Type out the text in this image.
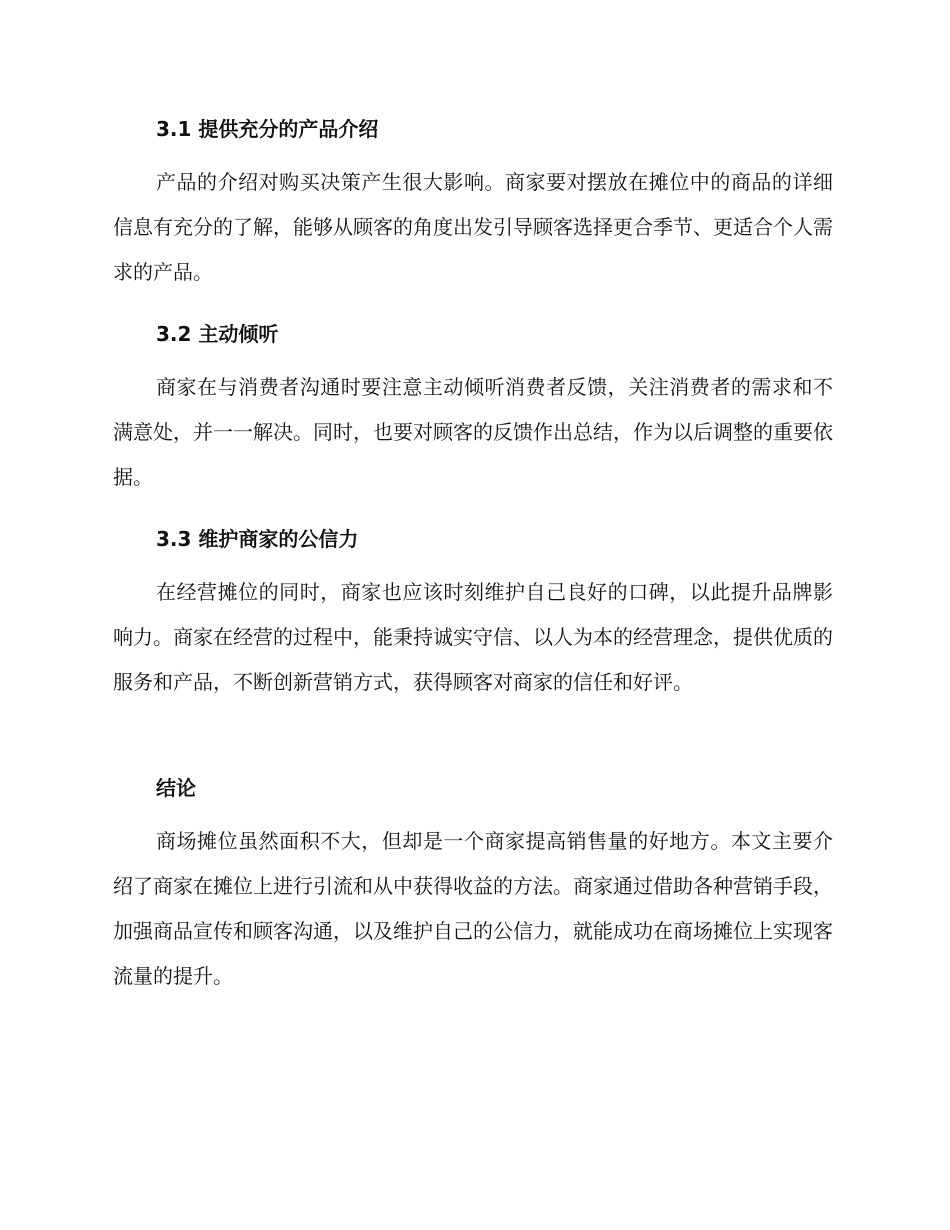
3.1 提供充分的产品介绍

产品的介绍对购买决策产生很大影响。商家要对摆放在摊位中的商品的详细信息有充分的了解，能够从顾客的角度出发引导顾客选择更合季节、更适合个人需求的产品。

3.2 主动倾听

商家在与消费者沟通时要注意主动倾听消费者反馈，关注消费者的需求和不满意处，并一一解决。同时，也要对顾客的反馈作出总结，作为以后调整的重要依据。

3.3 维护商家的公信力

在经营摊位的同时，商家也应该时刻维护自己良好的口碑，以此提升品牌影响力。商家在经营的过程中，能秉持诚实守信、以人为本的经营理念，提供优质的服务和产品，不断创新营销方式，获得顾客对商家的信任和好评。

结论

商场摊位虽然面积不大，但却是一个商家提高销售量的好地方。本文主要介绍了商家在摊位上进行引流和从中获得收益的方法。商家通过借助各种营销手段，加强商品宣传和顾客沟通，以及维护自己的公信力，就能成功在商场摊位上实现客流量的提升。
